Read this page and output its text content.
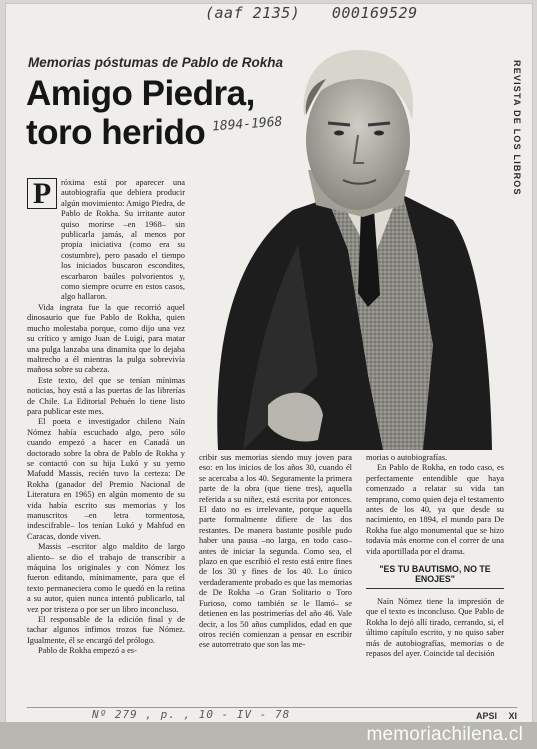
(aaf 2135) 000169529
Memorias póstumas de Pablo de Rokha
Amigo Piedra,
toro herido 1894-1968	REVISTA DE LOS LIBROS

P	róxima está por aparecer una autobiografía que debiera producir algún movimiento: Amigo Piedra, de Pablo de Rokha. Su irritante autor quiso morirse –en 1968– sin publicarla jamás, al menos por propia iniciativa (como era su costumbre), pero pasado el tiempo los iniciados buscaron escondites, escarbaron baúles polvorientos y, como siempre ocurre en estos casos, algo hallaron.

Vida ingrata fue la que recorrió aquel dinosaurio que fue Pablo de Rokha, quien mucho molestaba porque, como dijo una vez su crítico y amigo Juan de Luigi, para matar una pulga lanzaba una dinamita que lo dejaba maltrecho a él mientras la pulga sobrevivía mañosa sobre su cabeza.

Este texto, del que se tenían mínimas noticias, hoy está a las puertas de las librerías de Chile. La Editorial Pehuén lo tiene listo para publicar este mes.

El poeta e investigador chileno Naín Nómez había escuchado algo, pero sólo cuando empezó a hacer en Canadá un doctorado sobre la obra de Pablo de Rokha y se contactó con su hija Lukó y su yerno Mafudd Massis, recién tuvo la certeza: De Rokha (ganador del Premio Nacional de Literatura en 1965) en algún momento de su vida había escrito sus memorias y los manuscritos –en letra tormentosa, indescifrable– los tenían Lukó y Mahfud en Caracas, donde viven.

Massis –escritor algo maldito de largo aliento– se dio el trabajo de transcribir a máquina los originales y con Nómez los fueron editando, mínimamente, para que el texto permaneciera como le quedó en la retina a su autor, quien nunca intentó publicarlo, tal vez por tristeza o por ser un libro inconcluso.

El responsable de la edición final y de tachar algunos ínfimos trozos fue Nómez. Igualmente, él se encargó del prólogo.

Pablo de Rokha empezó a es-

cribir sus memorias siendo muy joven para eso: en los inicios de los años 30, cuando él se acercaba a los 40. Seguramente la primera parte de la obra (que tiene tres), aquella referida a su niñez, está escrita por entonces. El dato no es irrelevante, porque aquella parte formalmente difiere de las dos restantes. De manera bastante posible pudo haber una pausa –no larga, en todo caso– antes de iniciar la segunda. Como sea, el plazo en que escribió el resto está entre fines de los 30 y fines de los 40. Lo único verdaderamente probado es que las memorias de De Rokha –o Gran Solitario o Toro Furioso, como también se le llamó– se detienen en las postrimerías del año 46. Vale decir, a los 50 años cumplidos, edad en que otros recién comienzan a pensar en escribir ese autorretrato que son las me-

morias o autobiografías.

En Pablo de Rokha, en todo caso, es perfectamente entendible que haya comenzado a relatar su vida tan temprano, como quien deja el testamento antes de los 40, ya que desde su nacimiento, en 1894, el mundo para De Rokha fue algo monumental que se hizo todavía más enorme con el correr de una vida aportillada por el drama.

"ES TU BAUTISMO, NO TE ENOJES"

Naín Nómez tiene la impresión de que el texto es inconcluso. Que Pablo de Rokha lo dejó allí tirado, cerrando, si, el último capítulo escrito, y no quiso saber más de autobiografías, memorias o de repasos del ayer. Coincide tal decisión

Nº 279 , p. , 10 - IV - 78	APSI XI
memoriachilena.cl
